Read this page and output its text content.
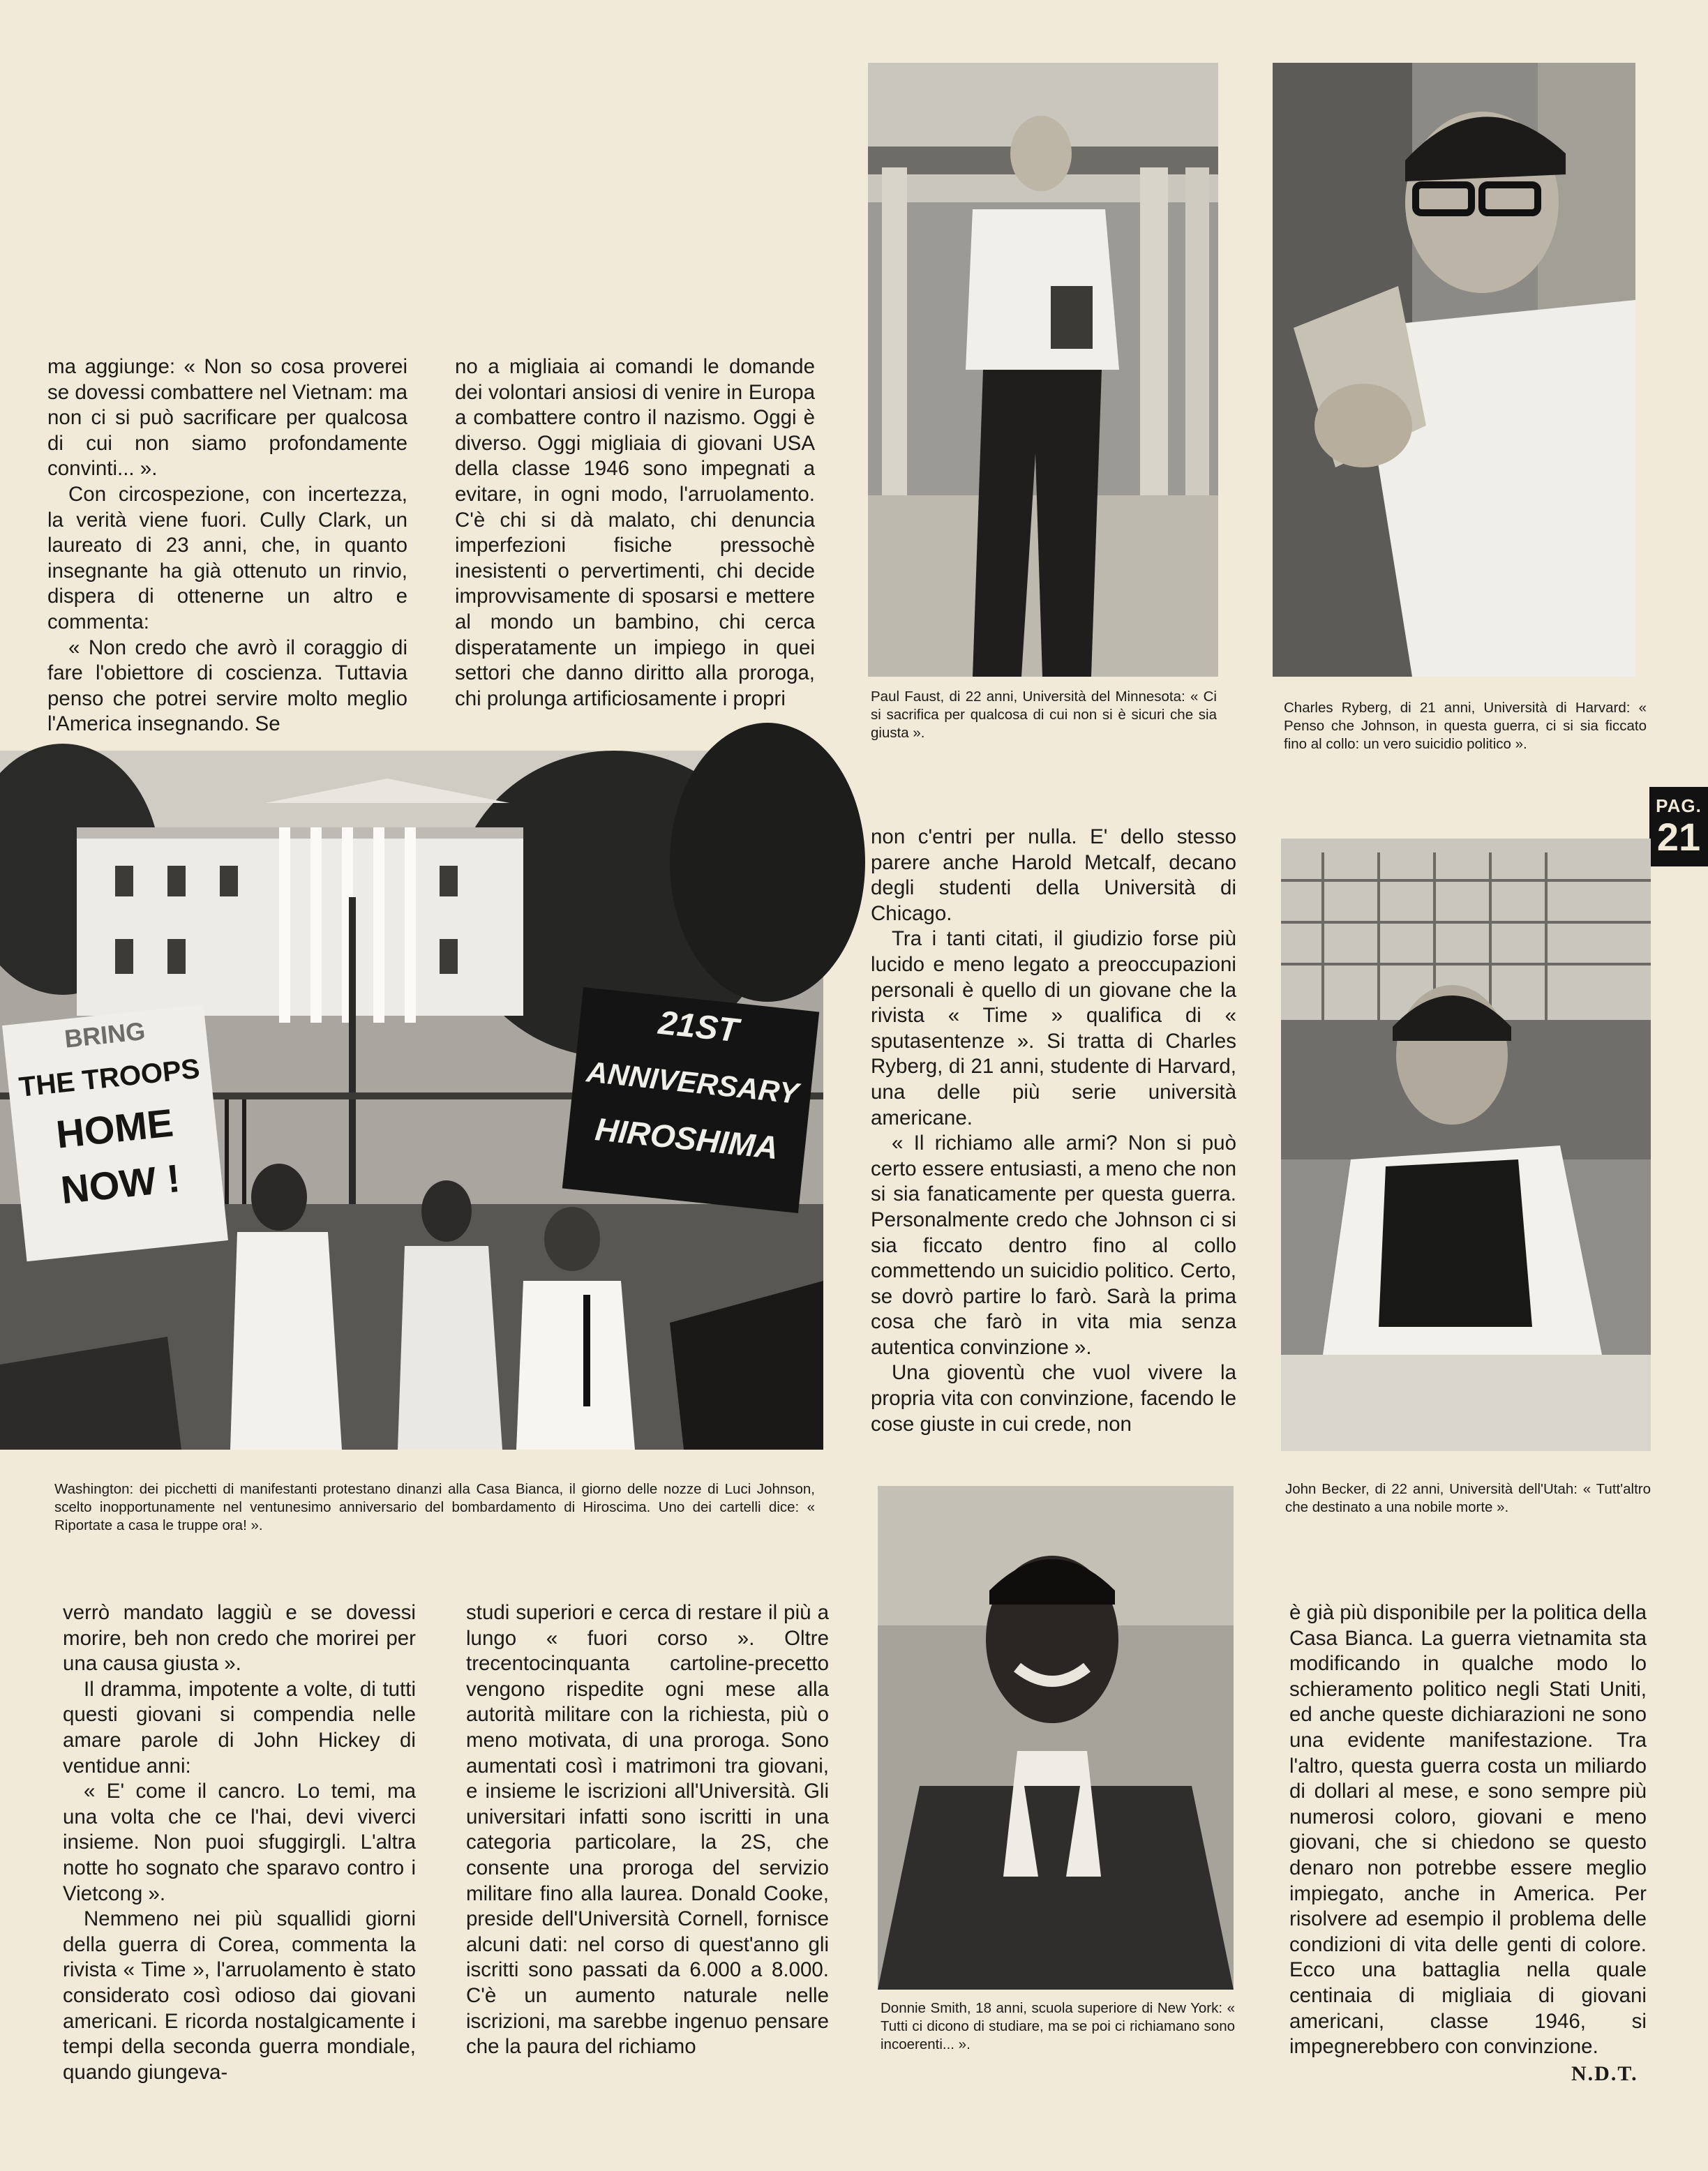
ma aggiunge: « Non so cosa proverei se dovessi combattere nel Vietnam: ma non ci si può sacrificare per qualcosa di cui non siamo profondamente convinti... ».

Con circospezione, con incertezza, la verità viene fuori. Cully Clark, un laureato di 23 anni, che, in quanto insegnante ha già ottenuto un rinvio, dispera di ottenerne un altro e commenta:

« Non credo che avrò il coraggio di fare l'obiettore di coscienza. Tuttavia penso che potrei servire molto meglio l'America insegnando. Se

no a migliaia ai comandi le domande dei volontari ansiosi di venire in Europa a combattere contro il nazismo. Oggi è diverso. Oggi migliaia di giovani USA della classe 1946 sono impegnati a evitare, in ogni modo, l'arruolamento. C'è chi si dà malato, chi denuncia imperfezioni fisiche pressochè inesistenti o pervertimenti, chi decide improvvisamente di sposarsi e mettere al mondo un bambino, chi cerca disperatamente un impiego in quei settori che danno diritto alla proroga, chi prolunga artificiosamente i propri	Paul Faust, di 22 anni, Università del Minnesota: « Ci si sacrifica per qualcosa di cui non si è sicuri che sia giusta ».
Charles Ryberg, di 21 anni, Università di Harvard: « Penso che Johnson, in questa guerra, ci si sia ficcato fino al collo: un vero suicidio politico ».
PAG.
21
BRING
THE TROOPS
HOME
NOW !
21ST
ANNIVERSARY
HIROSHIMA
Washington: dei picchetti di manifestanti protestano dinanzi alla Casa Bianca, il giorno delle nozze di Luci Johnson, scelto inopportunamente nel ventunesimo anniversario del bombardamento di Hiroscima. Uno dei cartelli dice: « Riportate a casa le truppe ora! ».

non c'entri per nulla. E' dello stesso parere anche Harold Metcalf, decano degli studenti della Università di Chicago.

Tra i tanti citati, il giudizio forse più lucido e meno legato a preoccupazioni personali è quello di un giovane che la rivista « Time » qualifica di « sputasentenze ». Si tratta di Charles Ryberg, di 21 anni, studente di Harvard, una delle più serie università americane.

« Il richiamo alle armi? Non si può certo essere entusiasti, a meno che non si sia fanaticamente per questa guerra. Personalmente credo che Johnson ci si sia ficcato dentro fino al collo commettendo un suicidio politico. Certo, se dovrò partire lo farò. Sarà la prima cosa che farò in vita mia senza autentica convinzione ».

Una gioventù che vuol vivere la propria vita con convinzione, facendo le cose giuste in cui crede, non

John Becker, di 22 anni, Università dell'Utah: « Tutt'altro che destinato a una nobile morte ».

verrò mandato laggiù e se dovessi morire, beh non credo che morirei per una causa giusta ».

Il dramma, impotente a volte, di tutti questi giovani si compendia nelle amare parole di John Hickey di ventidue anni:

« E' come il cancro. Lo temi, ma una volta che ce l'hai, devi viverci insieme. Non puoi sfuggirgli. L'altra notte ho sognato che sparavo contro i Vietcong ».

Nemmeno nei più squallidi giorni della guerra di Corea, commenta la rivista « Time », l'arruolamento è stato considerato così odioso dai giovani americani. E ricorda nostalgicamente i tempi della seconda guerra mondiale, quando giungeva-

studi superiori e cerca di restare il più a lungo « fuori corso ». Oltre trecentocinquanta cartoline-precetto vengono rispedite ogni mese alla autorità militare con la richiesta, più o meno motivata, di una proroga. Sono aumentati così i matrimoni tra giovani, e insieme le iscrizioni all'Università. Gli universitari infatti sono iscritti in una categoria particolare, la 2S, che consente una proroga del servizio militare fino alla laurea. Donald Cooke, preside dell'Università Cornell, fornisce alcuni dati: nel corso di quest'anno gli iscritti sono passati da 6.000 a 8.000. C'è un aumento naturale nelle iscrizioni, ma sarebbe ingenuo pensare che la paura del richiamo

Donnie Smith, 18 anni, scuola superiore di New York: « Tutti ci dicono di studiare, ma se poi ci richiamano sono incoerenti... ».

è già più disponibile per la politica della Casa Bianca. La guerra vietnamita sta modificando in qualche modo lo schieramento politico negli Stati Uniti, ed anche queste dichiarazioni ne sono una evidente manifestazione. Tra l'altro, questa guerra costa un miliardo di dollari al mese, e sono sempre più numerosi coloro, giovani e meno giovani, che si chiedono se questo denaro non potrebbe essere meglio impiegato, anche in America. Per risolvere ad esempio il problema delle condizioni di vita delle genti di colore. Ecco una battaglia nella quale centinaia di migliaia di giovani americani, classe 1946, si impegnerebbero con convinzione.

N.D.T.
